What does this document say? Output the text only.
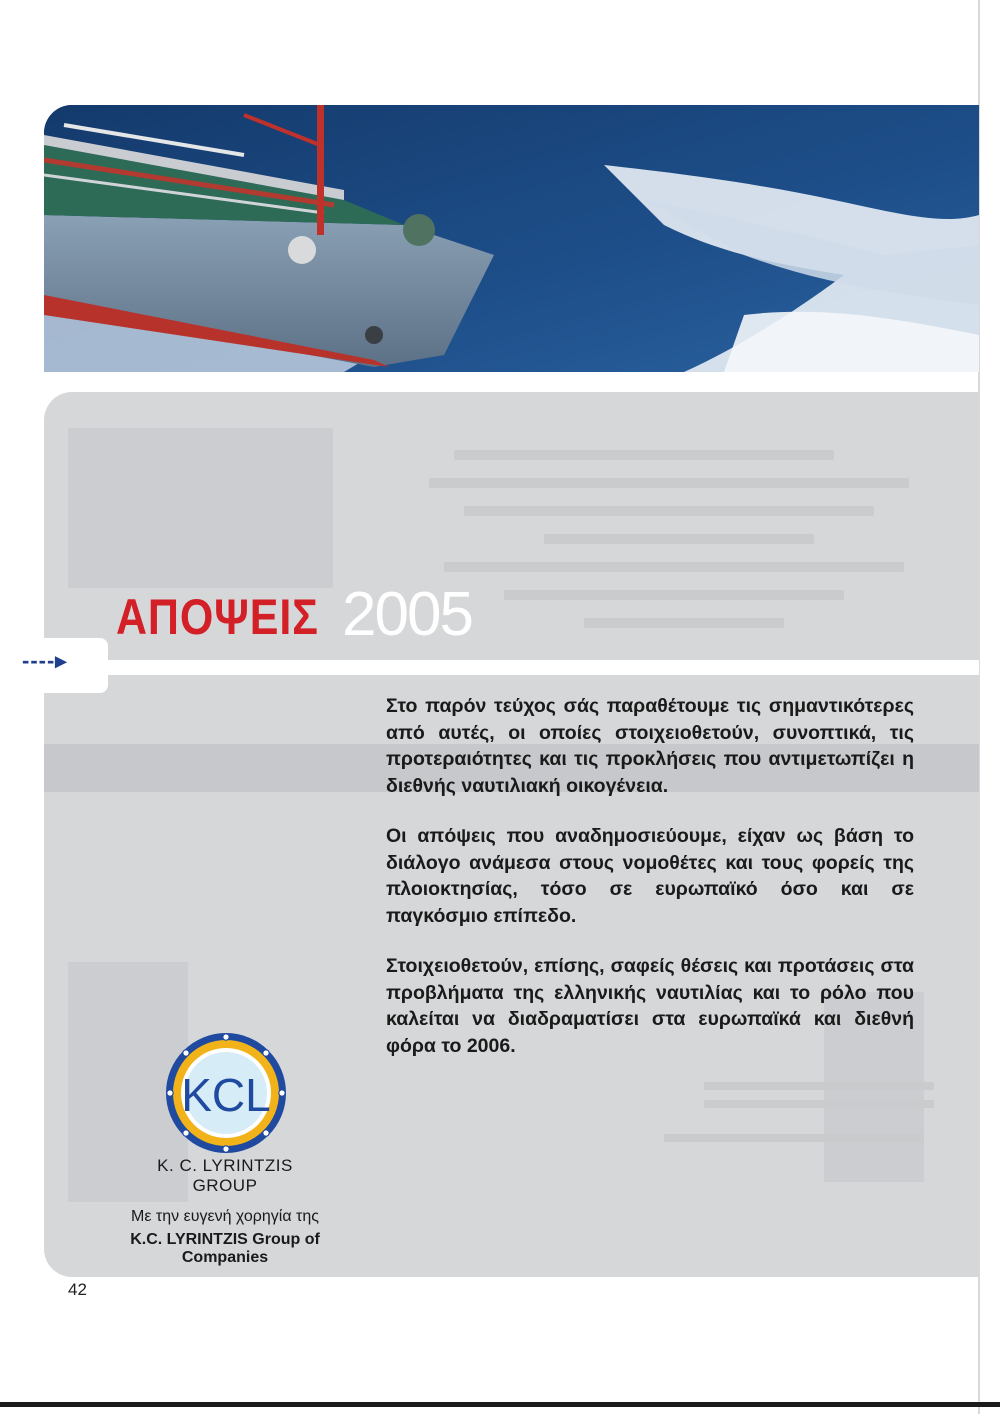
----▸
ΑΠΟΨΕΙΣ 2005

Στο παρόν τεύχος σάς παραθέτουμε τις σημαντικότερες από αυτές, οι οποίες στοιχειοθετούν, συνοπτικά, τις προτεραιότητες και τις προκλήσεις που αντιμετωπίζει η διεθνής ναυτιλιακή οικογένεια.

Οι απόψεις που αναδημοσιεύουμε, είχαν ως βάση το διάλογο ανάμεσα στους νομοθέτες και τους φορείς της πλοιοκτησίας, τόσο σε ευρωπαϊκό όσο και σε παγκόσμιο επίπεδο.

Στοιχειοθετούν, επίσης, σαφείς θέσεις και προτάσεις στα προβλήματα της ελληνικής ναυτιλίας και το ρόλο που καλείται να διαδραματίσει στα ευρωπαϊκά και διεθνή φόρα το 2006.

KCL
K. C. LYRINTZIS
GROUP
Με την ευγενή χορηγία της
K.C. LYRINTZIS Group of Companies
42
